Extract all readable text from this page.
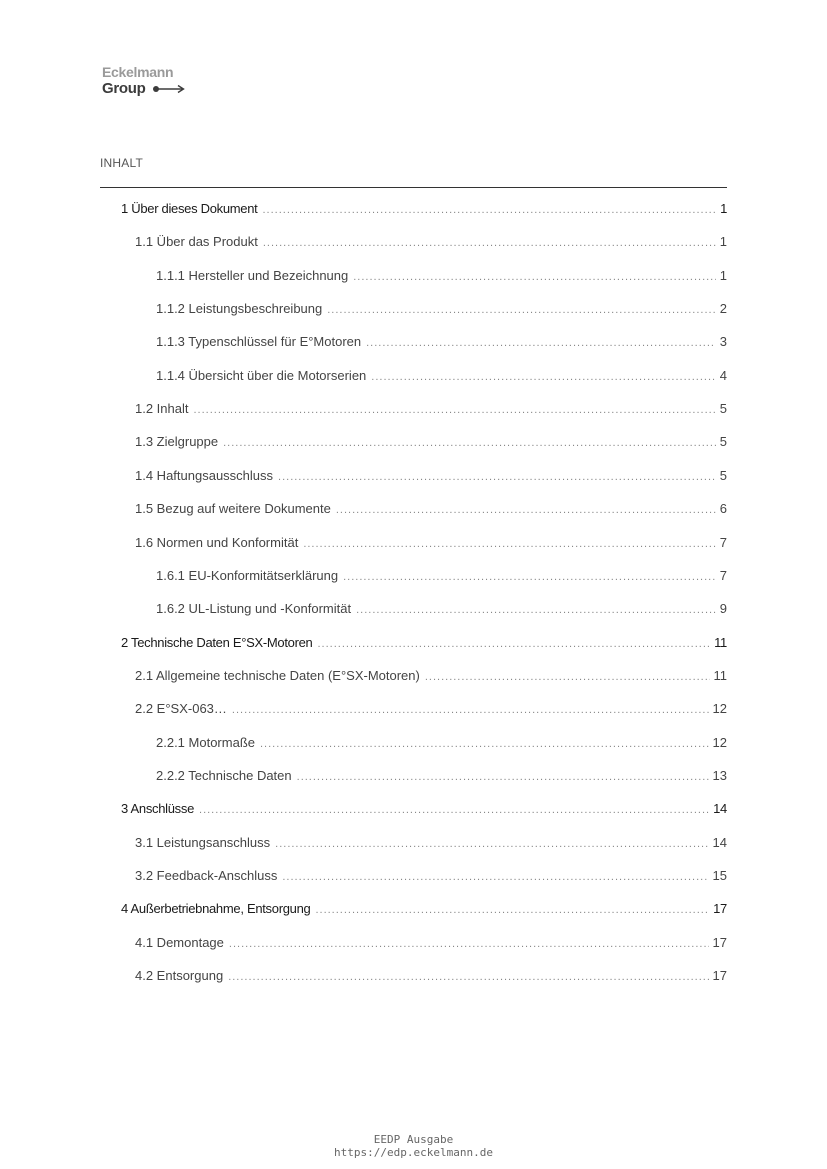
Eckelmann
Group
INHALT
1 Über dieses Dokument .....	1
1.1 Über das Produkt .....	1
1.1.1 Hersteller und Bezeichnung .....	1
1.1.2 Leistungsbeschreibung .....	2
1.1.3 Typenschlüssel für E°Motoren .....	3
1.1.4 Übersicht über die Motorserien .....	4
1.2 Inhalt .....	5
1.3 Zielgruppe .....	5
1.4 Haftungsausschluss .....	5
1.5 Bezug auf weitere Dokumente .....	6
1.6 Normen und Konformität .....	7
1.6.1 EU-Konformitätserklärung .....	7
1.6.2 UL-Listung und -Konformität .....	9
2 Technische Daten E°SX-Motoren .....	11
2.1 Allgemeine technische Daten (E°SX-Motoren) .....	11
2.2 E°SX-063… .....	12
2.2.1 Motormaße .....	12
2.2.2 Technische Daten .....	13
3 Anschlüsse .....	14
3.1 Leistungsanschluss .....	14
3.2 Feedback-Anschluss .....	15
4 Außerbetriebnahme, Entsorgung .....	17
4.1 Demontage .....	17
4.2 Entsorgung .....	17
EEDP Ausgabe
https://edp.eckelmann.de
